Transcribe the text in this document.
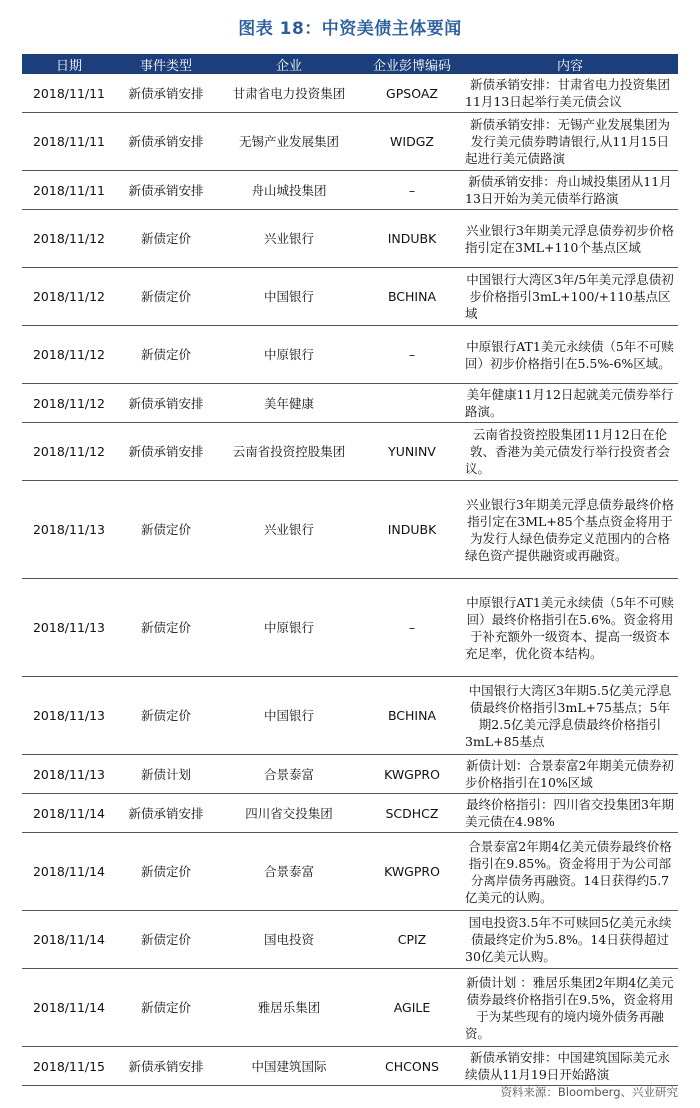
图表 18：中资美债主体要闻
日期	事件类型	企业	企业彭博编码	内容
2018/11/11	新债承销安排	甘肃省电力投资集团	GPSOAZ	新债承销安排：甘肃省电力投资集团11月13日起举行美元债会议
2018/11/11	新债承销安排	无锡产业发展集团	WIDGZ	新债承销安排：无锡产业发展集团为发行美元债券聘请银行,从11月15日起进行美元债路演
2018/11/11	新债承销安排	舟山城投集团	–	新债承销安排：舟山城投集团从11月13日开始为美元债举行路演
2018/11/12	新债定价	兴业银行	INDUBK	兴业银行3年期美元浮息债券初步价格指引定在3ML+110个基点区域
2018/11/12	新债定价	中国银行	BCHINA	中国银行大湾区3年/5年美元浮息债初步价格指引3mL+100/+110基点区域
2018/11/12	新债定价	中原银行	–	中原银行AT1美元永续债（5年不可赎回）初步价格指引在5.5%-6%区域。
2018/11/12	新债承销安排	美年健康		美年健康11月12日起就美元债券举行路演。
2018/11/12	新债承销安排	云南省投资控股集团	YUNINV	云南省投资控股集团11月12日在伦敦、香港为美元债发行举行投资者会议。
2018/11/13	新债定价	兴业银行	INDUBK	兴业银行3年期美元浮息债券最终价格指引定在3ML+85个基点资金将用于为发行人绿色债券定义范围内的合格绿色资产提供融资或再融资。
2018/11/13	新债定价	中原银行	–	中原银行AT1美元永续债（5年不可赎回）最终价格指引在5.6%。资金将用于补充额外一级资本、提高一级资本充足率，优化资本结构。
2018/11/13	新债定价	中国银行	BCHINA	中国银行大湾区3年期5.5亿美元浮息债最终价格指引3mL+75基点；5年期2.5亿美元浮息债最终价格指引3mL+85基点
2018/11/13	新债计划	合景泰富	KWGPRO	新债计划：合景泰富2年期美元债券初步价格指引在10%区域
2018/11/14	新债承销安排	四川省交投集团	SCDHCZ	最终价格指引：四川省交投集团3年期美元债在4.98%
2018/11/14	新债定价	合景泰富	KWGPRO	合景泰富2年期4亿美元债券最终价格指引在9.85%。资金将用于为公司部分离岸债务再融资。14日获得约5.7亿美元的认购。
2018/11/14	新债定价	国电投资	CPIZ	国电投资3.5年不可赎回5亿美元永续债最终定价为5.8%。14日获得超过30亿美元认购。
2018/11/14	新债定价	雅居乐集团	AGILE	新债计划 ：雅居乐集团2年期4亿美元债券最终价格指引在9.5%，资金将用于为某些现有的境内境外债务再融资。
2018/11/15	新债承销安排	中国建筑国际	CHCONS	新债承销安排：中国建筑国际美元永续债从11月19日开始路演
资料来源：Bloomberg、兴业研究
